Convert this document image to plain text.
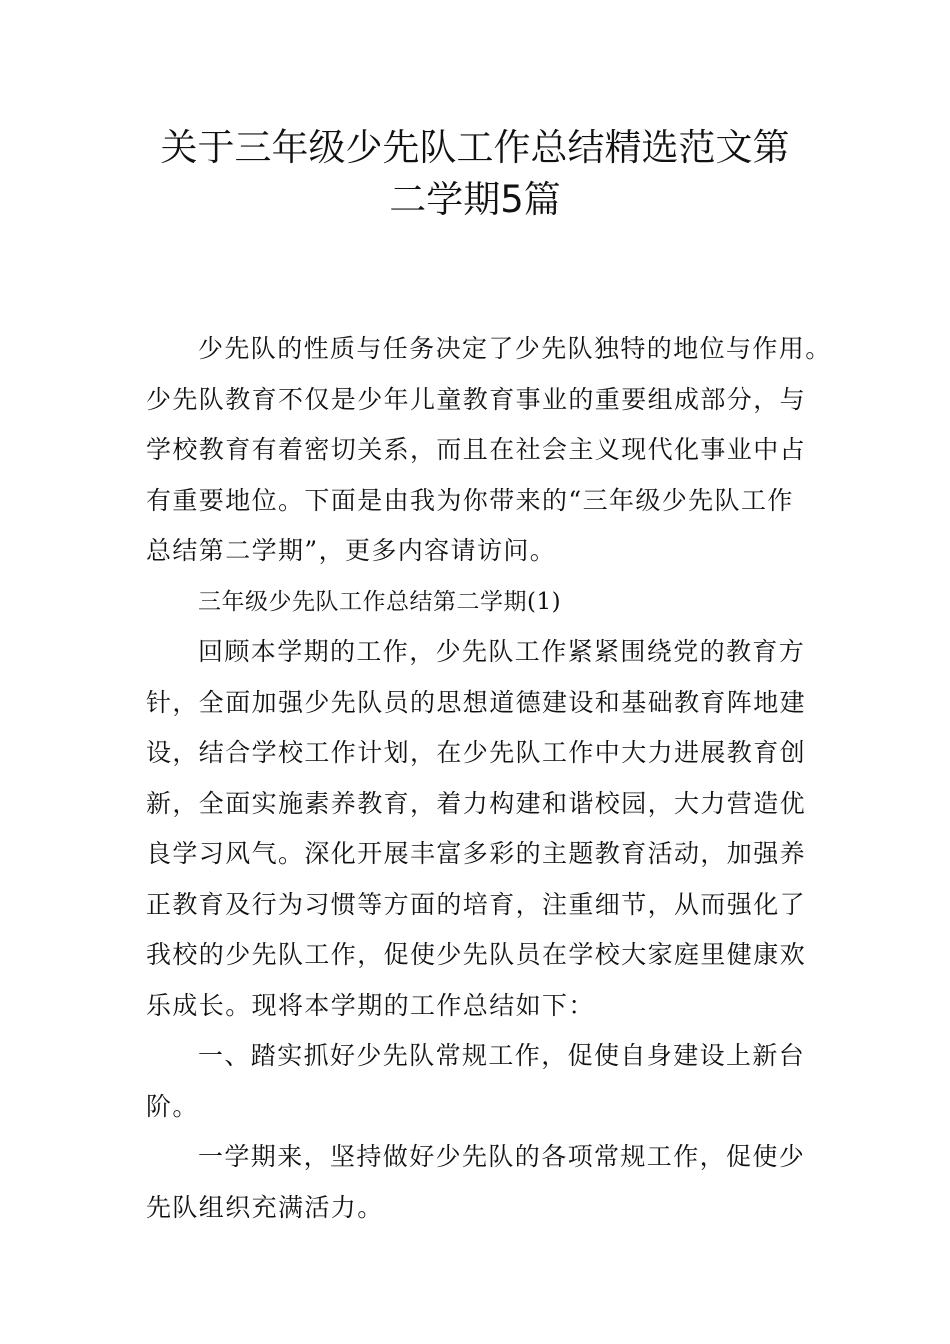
关于三年级少先队工作总结精选范文第
二学期5篇
少先队的性质与任务决定了少先队独特的地位与作用。
少先队教育不仅是少年儿童教育事业的重要组成部分，与
学校教育有着密切关系，而且在社会主义现代化事业中占
有重要地位。下面是由我为你带来的“三年级少先队工作
总结第二学期”，更多内容请访问。
三年级少先队工作总结第二学期(1)
回顾本学期的工作，少先队工作紧紧围绕党的教育方
针，全面加强少先队员的思想道德建设和基础教育阵地建
设，结合学校工作计划，在少先队工作中大力进展教育创
新，全面实施素养教育，着力构建和谐校园，大力营造优
良学习风气。深化开展丰富多彩的主题教育活动，加强养
正教育及行为习惯等方面的培育，注重细节，从而强化了
我校的少先队工作，促使少先队员在学校大家庭里健康欢
乐成长。现将本学期的工作总结如下：
一、踏实抓好少先队常规工作，促使自身建设上新台
阶。
一学期来，坚持做好少先队的各项常规工作，促使少
先队组织充满活力。
